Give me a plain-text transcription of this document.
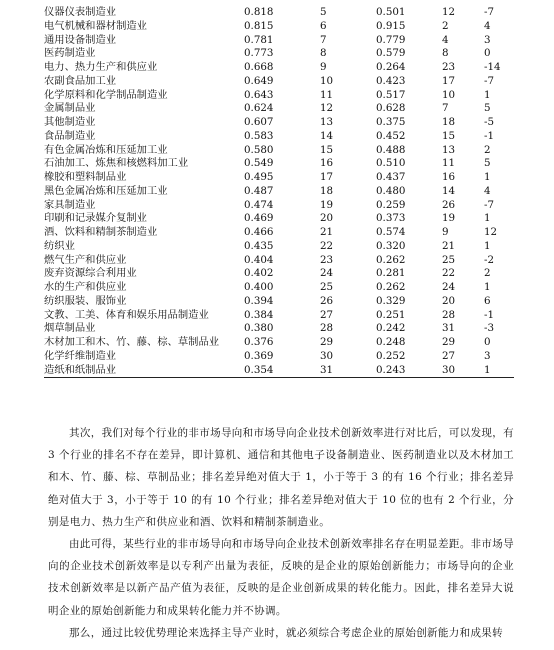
仪器仪表制造业	0.818	5	0.501	12	-7
电气机械和器材制造业	0.815	6	0.915	2	4
通用设备制造业	0.781	7	0.779	4	3
医药制造业	0.773	8	0.579	8	0
电力、热力生产和供应业	0.668	9	0.264	23	-14
农副食品加工业	0.649	10	0.423	17	-7
化学原料和化学制品制造业	0.643	11	0.517	10	1
金属制品业	0.624	12	0.628	7	5
其他制造业	0.607	13	0.375	18	-5
食品制造业	0.583	14	0.452	15	-1
有色金属冶炼和压延加工业	0.580	15	0.488	13	2
石油加工、炼焦和核燃料加工业	0.549	16	0.510	11	5
橡胶和塑料制品业	0.495	17	0.437	16	1
黑色金属冶炼和压延加工业	0.487	18	0.480	14	4
家具制造业	0.474	19	0.259	26	-7
印刷和记录媒介复制业	0.469	20	0.373	19	1
酒、饮料和精制茶制造业	0.466	21	0.574	9	12
纺织业	0.435	22	0.320	21	1
燃气生产和供应业	0.404	23	0.262	25	-2
废弃资源综合利用业	0.402	24	0.281	22	2
水的生产和供应业	0.400	25	0.262	24	1
纺织服装、服饰业	0.394	26	0.329	20	6
文教、工美、体育和娱乐用品制造业	0.384	27	0.251	28	-1
烟草制品业	0.380	28	0.242	31	-3
木材加工和木、竹、藤、棕、草制品业	0.376	29	0.248	29	0
化学纤维制造业	0.369	30	0.252	27	3
造纸和纸制品业	0.354	31	0.243	30	1

其次，我们对每个行业的非市场导向和市场导向企业技术创新效率进行对比后，可以发现，有 3 个行业的排名不存在差异，即计算机、通信和其他电子设备制造业、医药制造业以及木材加工和木、竹、藤、棕、草制品业；排名差异绝对值大于 1，小于等于 3 的有 16 个行业；排名差异绝对值大于 3，小于等于 10 的有 10 个行业；排名差异绝对值大于 10 位的也有 2 个行业，分别是电力、热力生产和供应业和酒、饮料和精制茶制造业。

由此可得，某些行业的非市场导向和市场导向企业技术创新效率排名存在明显差距。非市场导向的企业技术创新效率是以专利产出量为表征，反映的是企业的原始创新能力；市场导向的企业技术创新效率是以新产品产值为表征，反映的是企业创新成果的转化能力。因此，排名差异大说明企业的原始创新能力和成果转化能力并不协调。

那么，通过比较优势理论来选择主导产业时，就必须综合考虑企业的原始创新能力和成果转
